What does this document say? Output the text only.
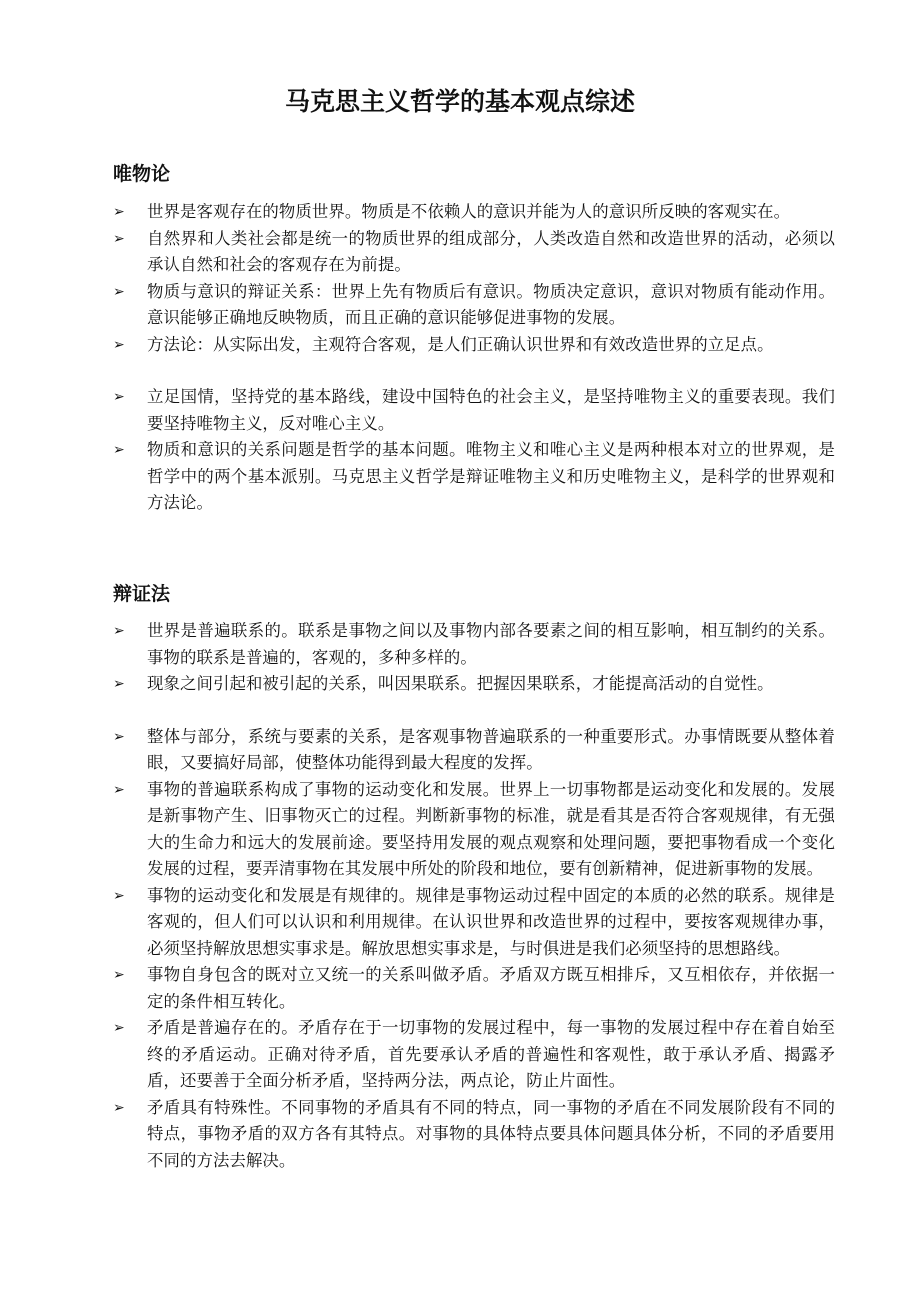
马克思主义哲学的基本观点综述
唯物论
➢ 世界是客观存在的物质世界。物质是不依赖人的意识并能为人的意识所反映的客观实在。
➢ 自然界和人类社会都是统一的物质世界的组成部分，人类改造自然和改造世界的活动，必须以承认自然和社会的客观存在为前提。
➢ 物质与意识的辩证关系：世界上先有物质后有意识。物质决定意识，意识对物质有能动作用。意识能够正确地反映物质，而且正确的意识能够促进事物的发展。
➢ 方法论：从实际出发，主观符合客观，是人们正确认识世界和有效改造世界的立足点。
➢ 立足国情，坚持党的基本路线，建设中国特色的社会主义，是坚持唯物主义的重要表现。我们要坚持唯物主义，反对唯心主义。
➢ 物质和意识的关系问题是哲学的基本问题。唯物主义和唯心主义是两种根本对立的世界观，是哲学中的两个基本派别。马克思主义哲学是辩证唯物主义和历史唯物主义，是科学的世界观和方法论。
辩证法
➢ 世界是普遍联系的。联系是事物之间以及事物内部各要素之间的相互影响，相互制约的关系。事物的联系是普遍的，客观的，多种多样的。
➢ 现象之间引起和被引起的关系，叫因果联系。把握因果联系，才能提高活动的自觉性。
➢ 整体与部分，系统与要素的关系，是客观事物普遍联系的一种重要形式。办事情既要从整体着眼，又要搞好局部，使整体功能得到最大程度的发挥。
➢ 事物的普遍联系构成了事物的运动变化和发展。世界上一切事物都是运动变化和发展的。发展是新事物产生、旧事物灭亡的过程。判断新事物的标准，就是看其是否符合客观规律，有无强大的生命力和远大的发展前途。要坚持用发展的观点观察和处理问题，要把事物看成一个变化发展的过程，要弄清事物在其发展中所处的阶段和地位，要有创新精神，促进新事物的发展。
➢ 事物的运动变化和发展是有规律的。规律是事物运动过程中固定的本质的必然的联系。规律是客观的，但人们可以认识和利用规律。在认识世界和改造世界的过程中，要按客观规律办事，必须坚持解放思想实事求是。解放思想实事求是，与时俱进是我们必须坚持的思想路线。
➢ 事物自身包含的既对立又统一的关系叫做矛盾。矛盾双方既互相排斥，又互相依存，并依据一定的条件相互转化。
➢ 矛盾是普遍存在的。矛盾存在于一切事物的发展过程中，每一事物的发展过程中存在着自始至终的矛盾运动。正确对待矛盾，首先要承认矛盾的普遍性和客观性，敢于承认矛盾、揭露矛盾，还要善于全面分析矛盾，坚持两分法，两点论，防止片面性。
➢ 矛盾具有特殊性。不同事物的矛盾具有不同的特点，同一事物的矛盾在不同发展阶段有不同的特点，事物矛盾的双方各有其特点。对事物的具体特点要具体问题具体分析，不同的矛盾要用不同的方法去解决。
